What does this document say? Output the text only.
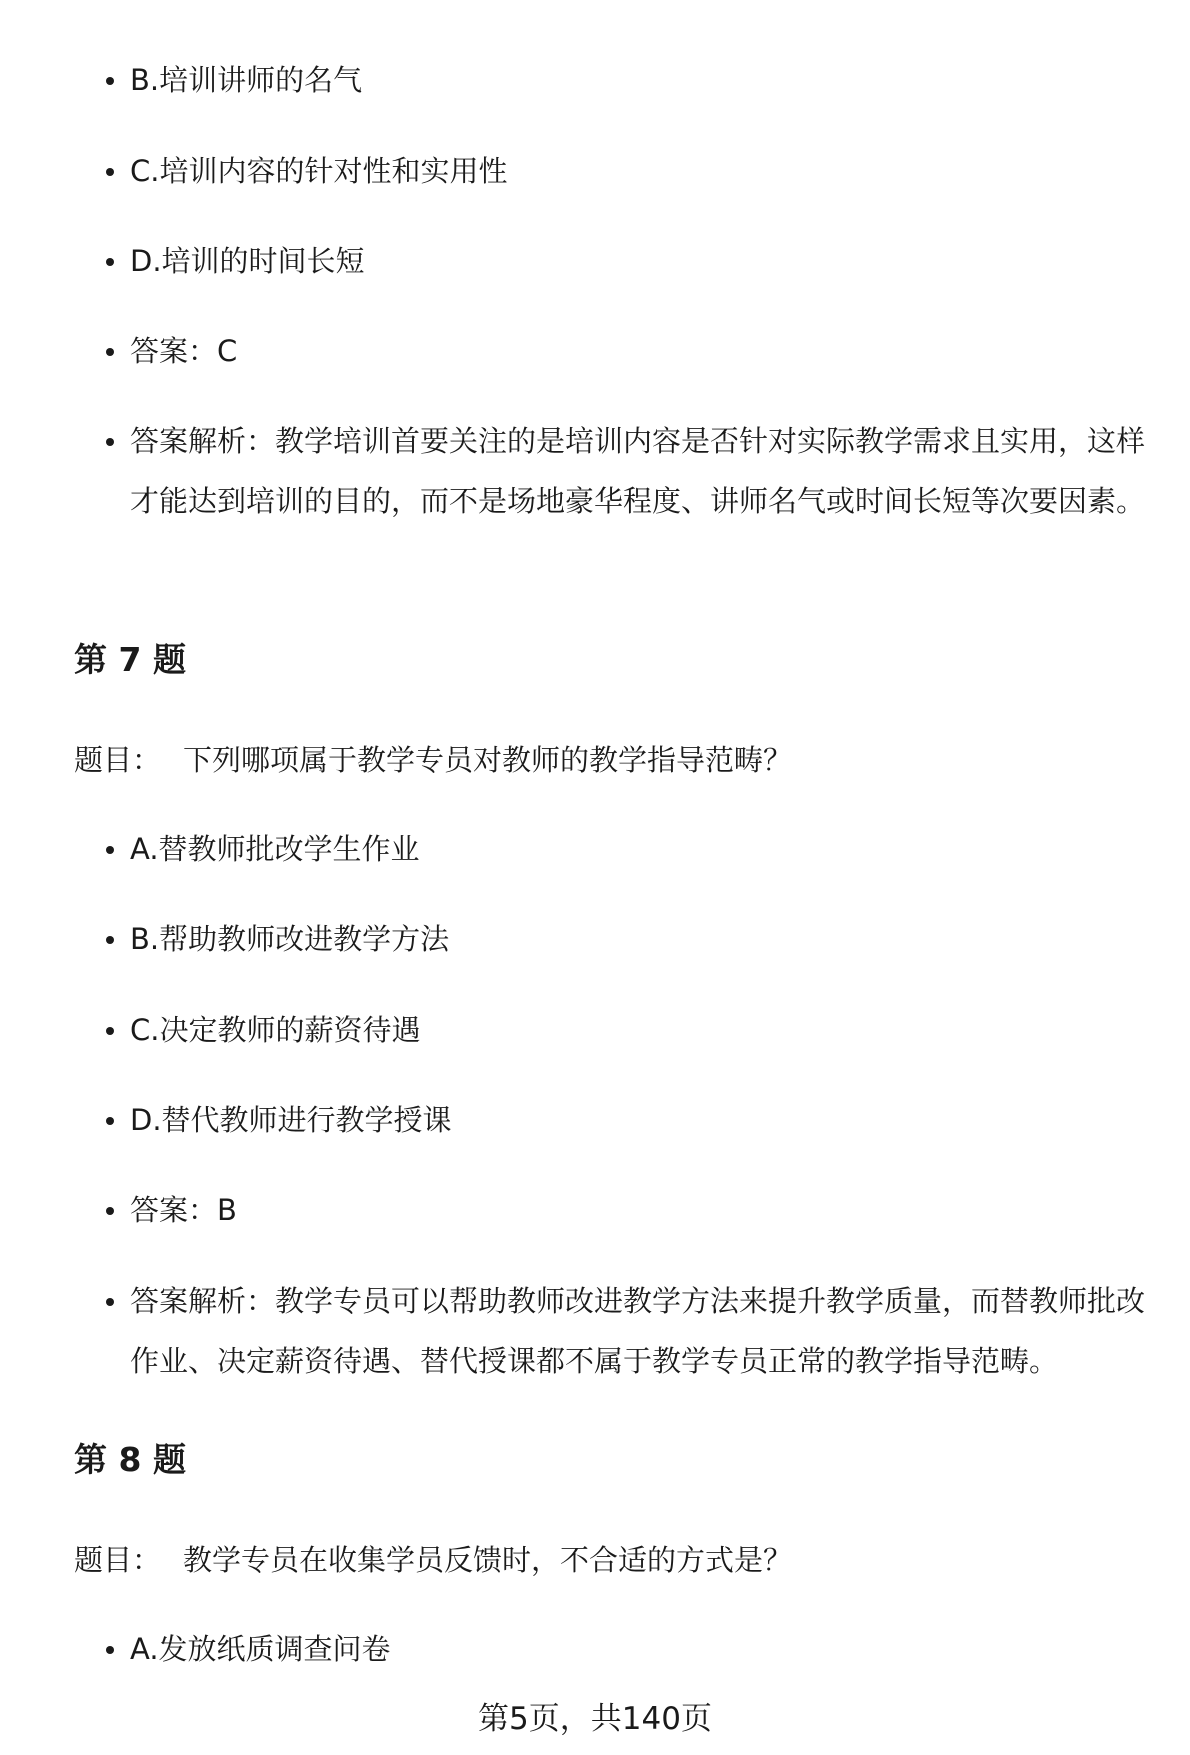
B.培训讲师的名气
C.培训内容的针对性和实用性
D.培训的时间长短
答案：C
答案解析：教学培训首要关注的是培训内容是否针对实际教学需求且实用，这样才能达到培训的目的，而不是场地豪华程度、讲师名气或时间长短等次要因素。
第 7 题
题目： 下列哪项属于教学专员对教师的教学指导范畴？
A.替教师批改学生作业
B.帮助教师改进教学方法
C.决定教师的薪资待遇
D.替代教师进行教学授课
答案：B
答案解析：教学专员可以帮助教师改进教学方法来提升教学质量，而替教师批改作业、决定薪资待遇、替代授课都不属于教学专员正常的教学指导范畴。
第 8 题
题目： 教学专员在收集学员反馈时，不合适的方式是？
A.发放纸质调查问卷
第5页，共140页
